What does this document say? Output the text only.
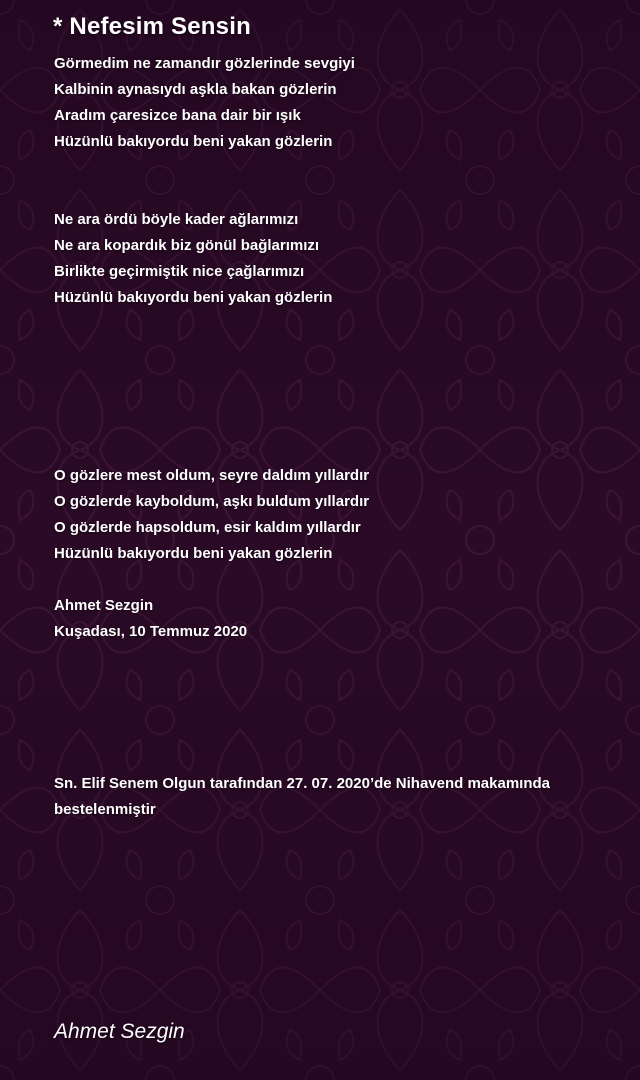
* Nefesim Sensin
Görmedim ne zamandır gözlerinde sevgiyi
Kalbinin aynasıydı aşkla bakan gözlerin
Aradım çaresizce bana dair bir ışık
Hüzünlü bakıyordu beni yakan gözlerin
Ne ara ördü böyle kader ağlarımızı
Ne ara kopardık biz gönül bağlarımızı
Birlikte geçirmiştik nice çağlarımızı
Hüzünlü bakıyordu beni yakan gözlerin
O gözlere mest oldum, seyre daldım yıllardır
O gözlerde kayboldum, aşkı buldum yıllardır
O gözlerde hapsoldum, esir kaldım yıllardır
Hüzünlü bakıyordu beni yakan gözlerin
Ahmet Sezgin
Kuşadası, 10 Temmuz 2020
Sn. Elif Senem Olgun tarafından 27. 07. 2020’de Nihavend makamında
bestelenmiştir
Ahmet Sezgin
